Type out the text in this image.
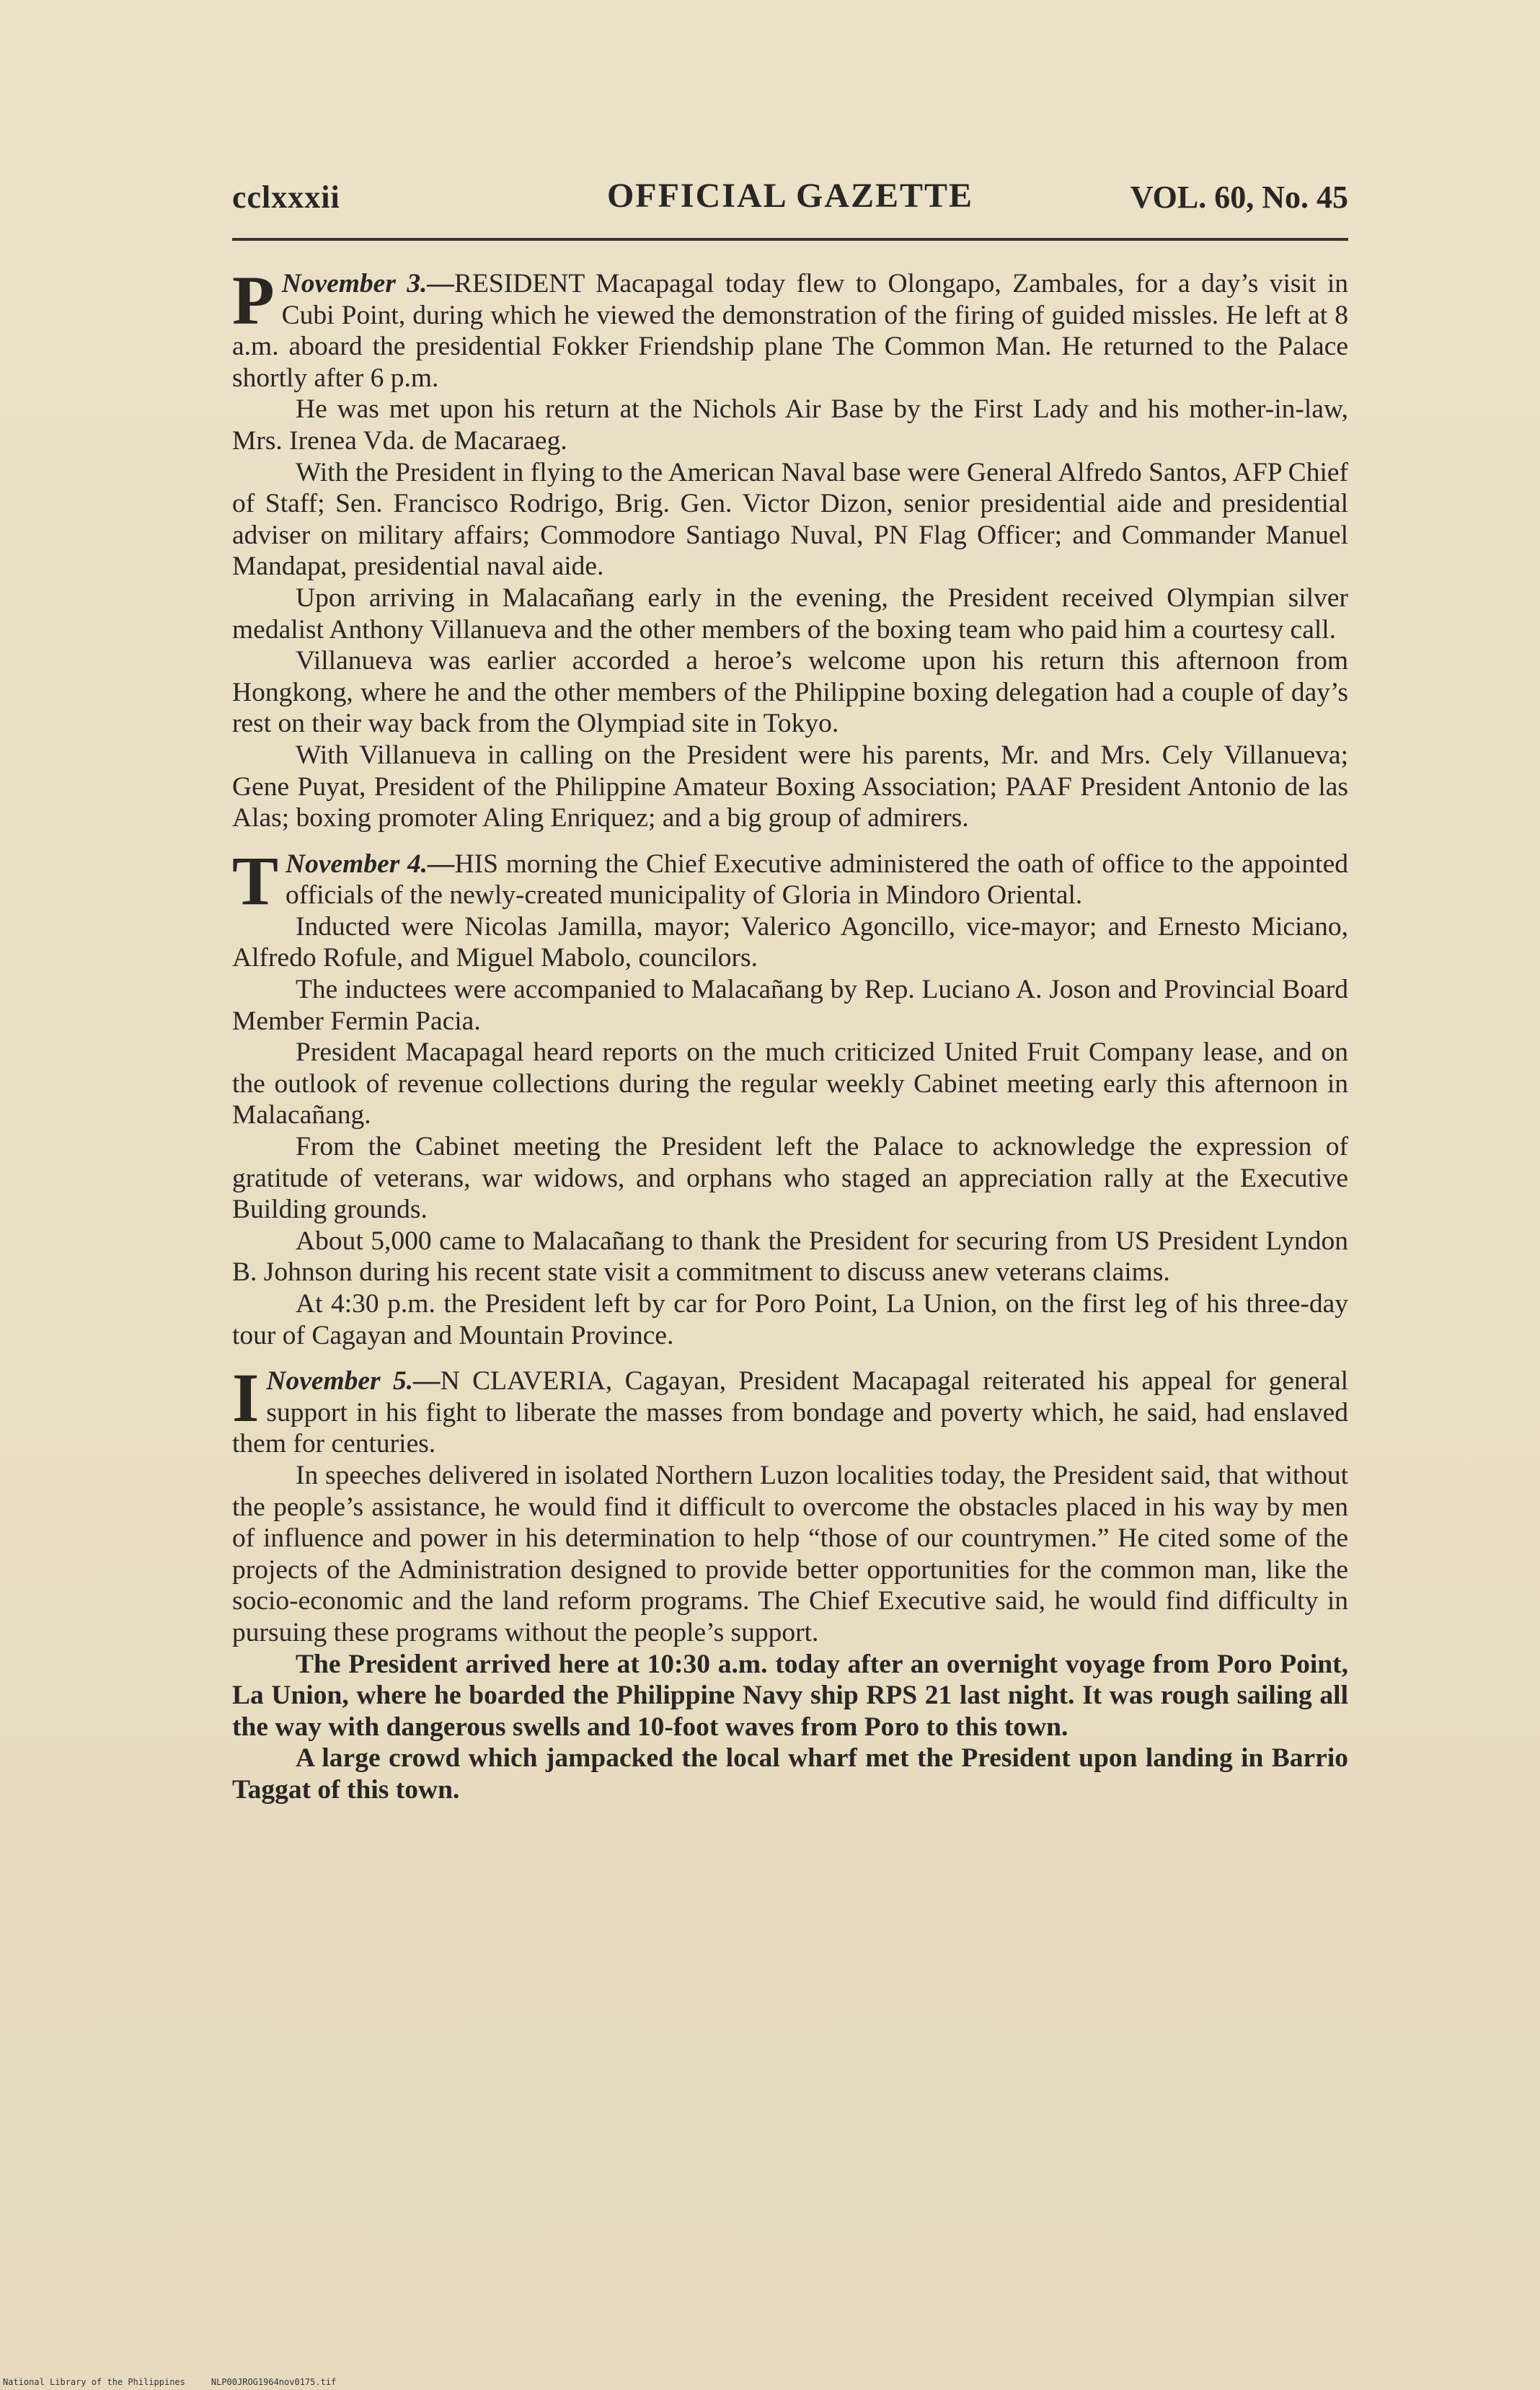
cclxxxii	OFFICIAL GAZETTE	VOL. 60, No. 45

November 3.—
P	RESIDENT Macapagal today flew to Olongapo, Zambales, for a day’s visit in Cubi Point, during which he viewed the demonstration of the firing of guided missles. He left at 8 a.m. aboard the presidential Fokker Friendship plane The Common Man. He returned to the Palace shortly after 6 p.m.

He was met upon his return at the Nichols Air Base by the First Lady and his mother-in-law, Mrs. Irenea Vda. de Macaraeg.

With the President in flying to the American Naval base were General Alfredo Santos, AFP Chief of Staff; Sen. Francisco Rodrigo, Brig. Gen. Victor Dizon, senior presidential aide and presidential adviser on military affairs; Commodore Santiago Nuval, PN Flag Officer; and Commander Manuel Mandapat, presidential naval aide.

Upon arriving in Malacañang early in the evening, the President received Olympian silver medalist Anthony Villanueva and the other members of the boxing team who paid him a courtesy call.

Villanueva was earlier accorded a heroe’s welcome upon his return this afternoon from Hongkong, where he and the other members of the Philippine boxing delegation had a couple of day’s rest on their way back from the Olympiad site in Tokyo.

With Villanueva in calling on the President were his parents, Mr. and Mrs. Cely Villanueva; Gene Puyat, President of the Philippine Amateur Boxing Association; PAAF President Antonio de las Alas; boxing promoter Aling Enriquez; and a big group of admirers.

November 4.—
T	HIS morning the Chief Executive administered the oath of office to the appointed officials of the newly-created municipality of Gloria in Mindoro Oriental.

Inducted were Nicolas Jamilla, mayor; Valerico Agoncillo, vice-mayor; and Ernesto Miciano, Alfredo Rofule, and Miguel Mabolo, councilors.

The inductees were accompanied to Malacañang by Rep. Luciano A. Joson and Provincial Board Member Fermin Pacia.

President Macapagal heard reports on the much criticized United Fruit Company lease, and on the outlook of revenue collections during the regular weekly Cabinet meeting early this afternoon in Malacañang.

From the Cabinet meeting the President left the Palace to acknowledge the expression of gratitude of veterans, war widows, and orphans who staged an appreciation rally at the Executive Building grounds.

About 5,000 came to Malacañang to thank the President for securing from US President Lyndon B. Johnson during his recent state visit a commitment to discuss anew veterans claims.

At 4:30 p.m. the President left by car for Poro Point, La Union, on the first leg of his three-day tour of Cagayan and Mountain Province.

November 5.—
I	N CLAVERIA, Cagayan, President Macapagal reiterated his appeal for general support in his fight to liberate the masses from bondage and poverty which, he said, had enslaved them for centuries.

In speeches delivered in isolated Northern Luzon localities today, the President said, that without the people’s assistance, he would find it difficult to overcome the obstacles placed in his way by men of influence and power in his determination to help “those of our countrymen.” He cited some of the projects of the Administration designed to provide better opportunities for the common man, like the socio-economic and the land reform programs. The Chief Executive said, he would find difficulty in pursuing these programs without the people’s support.

The President arrived here at 10:30 a.m. today after an overnight voyage from Poro Point, La Union, where he boarded the Philippine Navy ship RPS 21 last night. It was rough sailing all the way with dangerous swells and 10-foot waves from Poro to this town.

A large crowd which jampacked the local wharf met the President upon landing in Barrio Taggat of this town.

National Library of the Philippines	NLP00JROG1964nov0175.tif
